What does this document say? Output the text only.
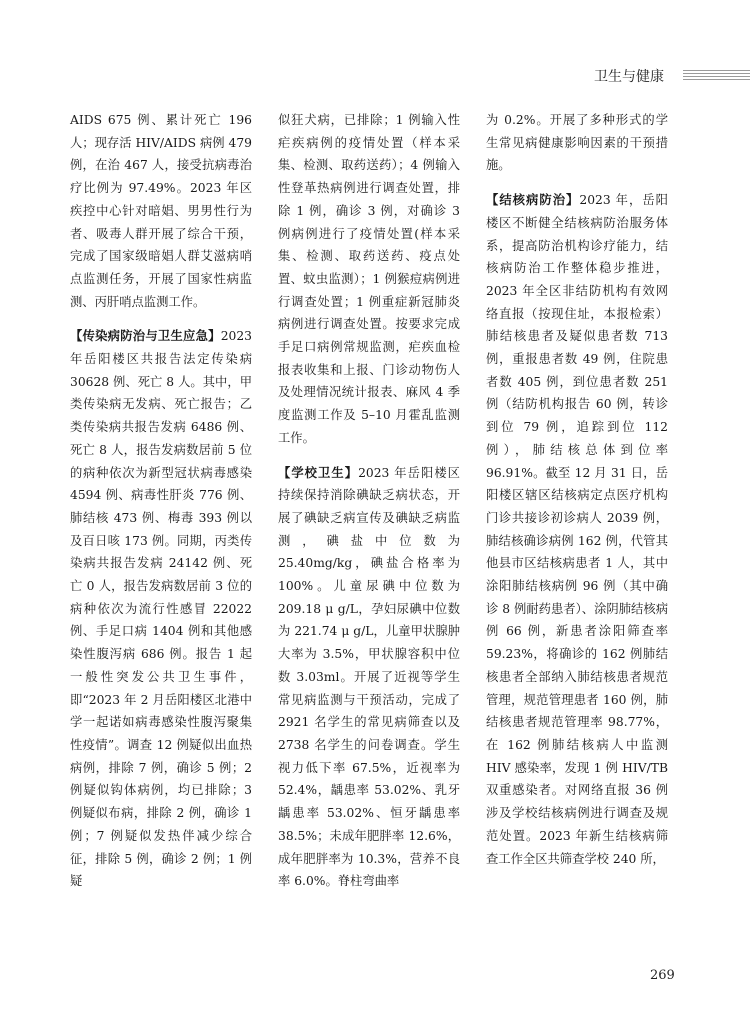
卫生与健康

AIDS 675 例、累计死亡 196 人；现存活 HIV/AIDS 病例 479 例，在治 467 人，接受抗病毒治疗比例为 97.49%。2023 年区疾控中心针对暗娼、男男性行为者、吸毒人群开展了综合干预，完成了国家级暗娼人群艾滋病哨点监测任务，开展了国家性病监测、丙肝哨点监测工作。

【传染病防治与卫生应急】2023 年岳阳楼区共报告法定传染病 30628 例、死亡 8 人。其中，甲类传染病无发病、死亡报告；乙类传染病共报告发病 6486 例、死亡 8 人，报告发病数居前 5 位的病种依次为新型冠状病毒感染 4594 例、病毒性肝炎 776 例、肺结核 473 例、梅毒 393 例以及百日咳 173 例。同期，丙类传染病共报告发病 24142 例、死亡 0 人，报告发病数居前 3 位的病种依次为流行性感冒 22022 例、手足口病 1404 例和其他感染性腹泻病 686 例。报告 1 起一般性突发公共卫生事件，即“2023 年 2 月岳阳楼区北港中学一起诺如病毒感染性腹泻聚集性疫情”。调查 12 例疑似出血热病例，排除 7 例，确诊 5 例；2 例疑似钩体病例，均已排除；3 例疑似布病，排除 2 例，确诊 1 例；7 例疑似发热伴减少综合征，排除 5 例，确诊 2 例；1 例疑

似狂犬病，已排除；1 例输入性疟疾病例的疫情处置（样本采集、检测、取药送药）；4 例输入性登革热病例进行调查处置，排除 1 例，确诊 3 例，对确诊 3 例病例进行了疫情处置(样本采集、检测、取药送药、疫点处置、蚊虫监测）；1 例猴痘病例进行调查处置；1 例重症新冠肺炎病例进行调查处置。按要求完成手足口病例常规监测，疟疾血检报表收集和上报、门诊动物伤人及处理情况统计报表、麻风 4 季度监测工作及 5–10 月霍乱监测工作。

【学校卫生】2023 年岳阳楼区持续保持消除碘缺乏病状态，开展了碘缺乏病宣传及碘缺乏病监测，碘盐中位数为 25.40mg/kg，碘盐合格率为 100%。儿童尿碘中位数为 209.18 μ g/L，孕妇尿碘中位数为 221.74 μ g/L，儿童甲状腺肿大率为 3.5%，甲状腺容积中位数 3.03ml。开展了近视等学生常见病监测与干预活动，完成了 2921 名学生的常见病筛查以及 2738 名学生的问卷调查。学生视力低下率 67.5%，近视率为 52.4%，龋患率 53.02%、乳牙龋患率 53.02%、恒牙龋患率 38.5%；未成年肥胖率 12.6%，成年肥胖率为 10.3%，营养不良率 6.0%。脊柱弯曲率

为 0.2%。开展了多种形式的学生常见病健康影响因素的干预措施。

【结核病防治】2023 年，岳阳楼区不断健全结核病防治服务体系，提高防治机构诊疗能力，结核病防治工作整体稳步推进，2023 年全区非结防机构有效网络直报（按现住址，本报检索）肺结核患者及疑似患者数 713 例，重报患者数 49 例，住院患者数 405 例，到位患者数 251 例（结防机构报告 60 例，转诊到位 79 例，追踪到位 112 例），肺结核总体到位率 96.91%。截至 12 月 31 日，岳阳楼区辖区结核病定点医疗机构门诊共接诊初诊病人 2039 例，肺结核确诊病例 162 例，代管其他县市区结核病患者 1 人，其中涂阳肺结核病例 96 例（其中确诊 8 例耐药患者）、涂阴肺结核病例 66 例，新患者涂阳筛查率 59.23%，将确诊的 162 例肺结核患者全部纳入肺结核患者规范管理，规范管理患者 160 例，肺结核患者规范管理率 98.77%，在 162 例肺结核病人中监测 HIV 感染率，发现 1 例 HIV/TB 双重感染者。对网络直报 36 例涉及学校结核病例进行调查及规范处置。2023 年新生结核病筛查工作全区共筛查学校 240 所，

269
